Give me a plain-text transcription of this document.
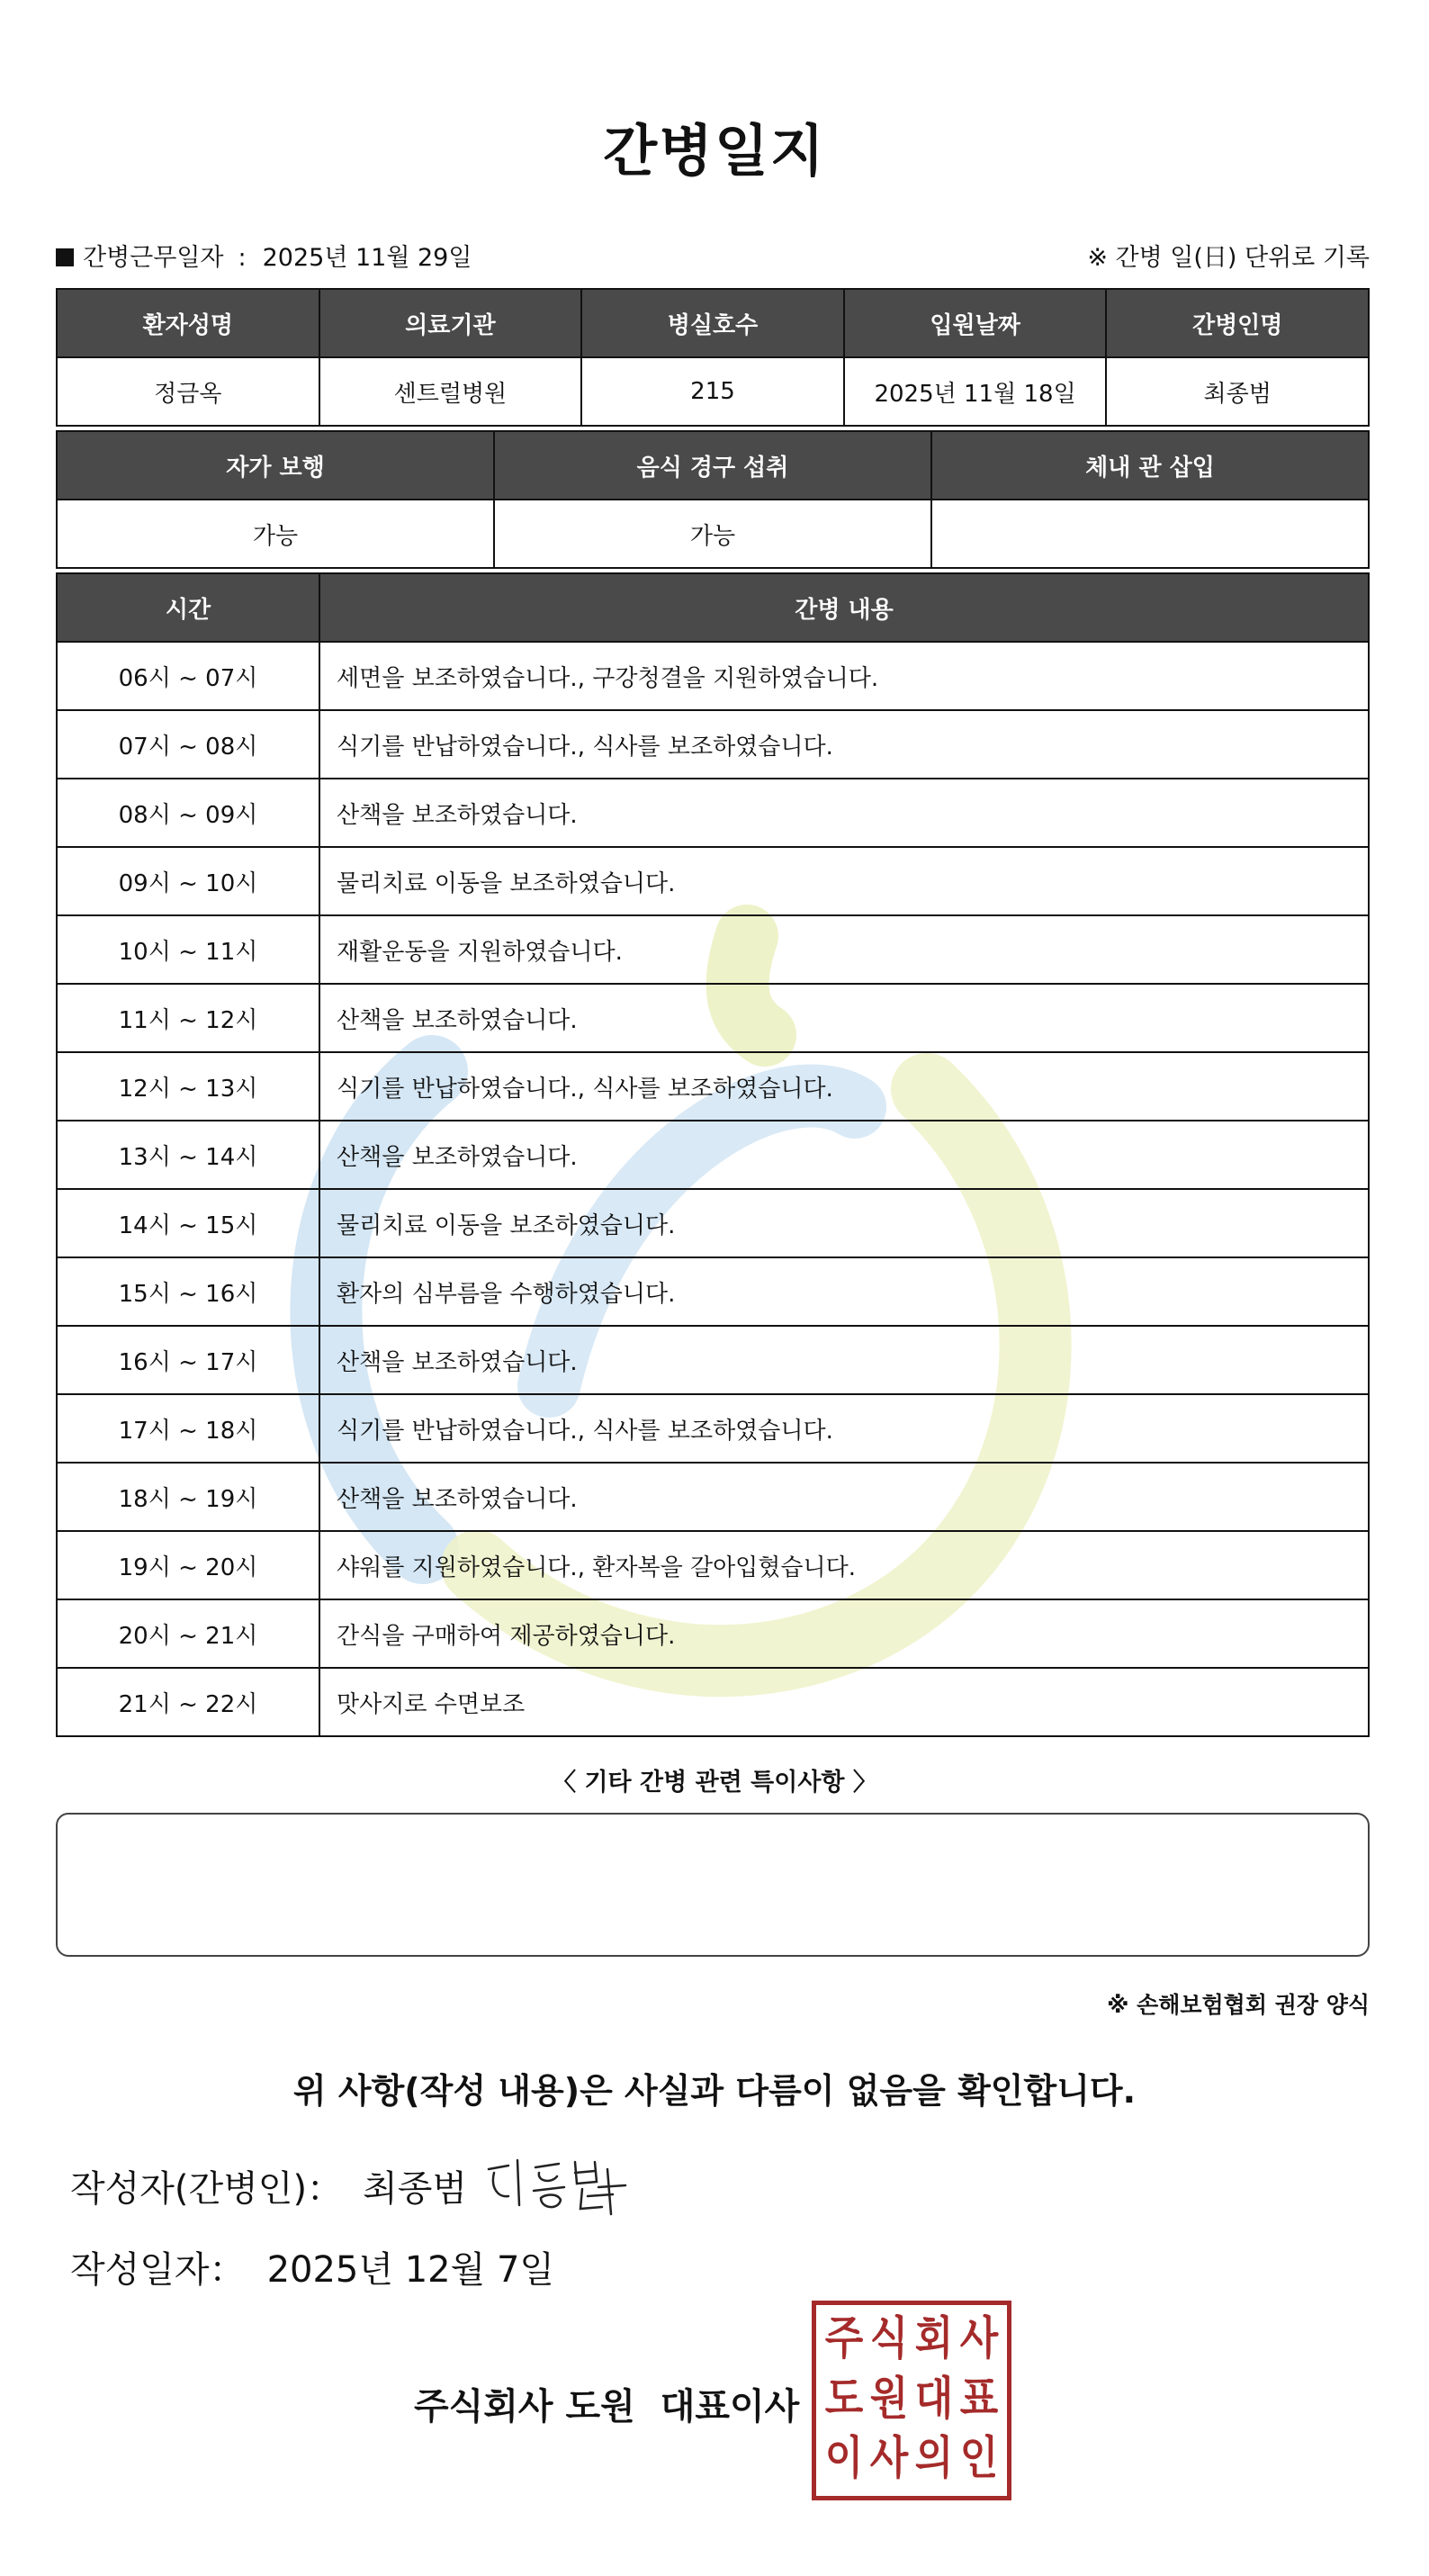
간병일지
간병근무일자 : 2025년 11월 29일	※ 간병 일(日) 단위로 기록
환자성명	의료기관	병실호수	입원날짜	간병인명
정금옥	센트럴병원	215	2025년 11월 18일	최종범
자가 보행	음식 경구 섭취	체내 관 삽입
가능	가능	
시간	간병 내용
06시 ~ 07시	세면을 보조하였습니다., 구강청결을 지원하였습니다.
07시 ~ 08시	식기를 반납하였습니다., 식사를 보조하였습니다.
08시 ~ 09시	산책을 보조하였습니다.
09시 ~ 10시	물리치료 이동을 보조하였습니다.
10시 ~ 11시	재활운동을 지원하였습니다.
11시 ~ 12시	산책을 보조하였습니다.
12시 ~ 13시	식기를 반납하였습니다., 식사를 보조하였습니다.
13시 ~ 14시	산책을 보조하였습니다.
14시 ~ 15시	물리치료 이동을 보조하였습니다.
15시 ~ 16시	환자의 심부름을 수행하였습니다.
16시 ~ 17시	산책을 보조하였습니다.
17시 ~ 18시	식기를 반납하였습니다., 식사를 보조하였습니다.
18시 ~ 19시	산책을 보조하였습니다.
19시 ~ 20시	샤워를 지원하였습니다., 환자복을 갈아입혔습니다.
20시 ~ 21시	간식을 구매하여 제공하였습니다.
21시 ~ 22시	맛사지로 수면보조
〈 기타 간병 관련 특이사항 〉
※ 손해보험협회 권장 양식
위 사항(작성 내용)은 사실과 다름이 없음을 확인합니다.
작성자(간병인)： 최종범
작성일자： 2025년 12월 7일
주식회사 도원 대표이사
주 식 회 사
도 원 대 표
이 사 의 인
